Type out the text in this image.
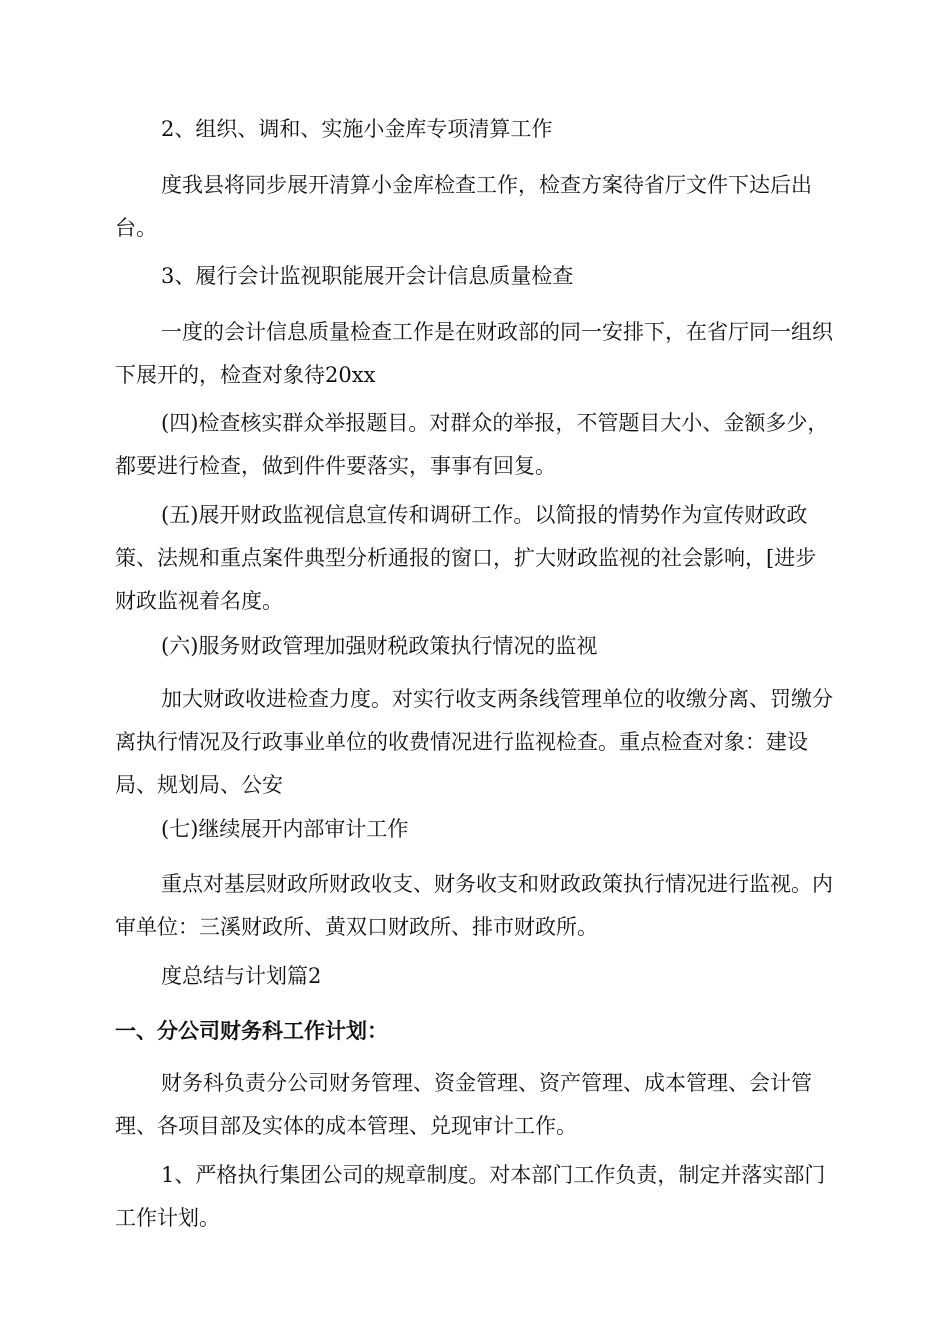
2、组织、调和、实施小金库专项清算工作

度我县将同步展开清算小金库检查工作，检查方案待省厅文件下达后出台。

3、履行会计监视职能展开会计信息质量检查

一度的会计信息质量检查工作是在财政部的同一安排下，在省厅同一组织下展开的，检查对象待20xx

(四)检查核实群众举报题目。对群众的举报，不管题目大小、金额多少，都要进行检查，做到件件要落实，事事有回复。

(五)展开财政监视信息宣传和调研工作。以简报的情势作为宣传财政政策、法规和重点案件典型分析通报的窗口，扩大财政监视的社会影响，[进步财政监视着名度。

(六)服务财政管理加强财税政策执行情况的监视

加大财政收进检查力度。对实行收支两条线管理单位的收缴分离、罚缴分离执行情况及行政事业单位的收费情况进行监视检查。重点检查对象：建设局、规划局、公安

(七)继续展开内部审计工作

重点对基层财政所财政收支、财务收支和财政政策执行情况进行监视。内审单位：三溪财政所、黄双口财政所、排市财政所。

度总结与计划篇2

一、分公司财务科工作计划：

财务科负责分公司财务管理、资金管理、资产管理、成本管理、会计管理、各项目部及实体的成本管理、兑现审计工作。

1、严格执行集团公司的规章制度。对本部门工作负责，制定并落实部门工作计划。
